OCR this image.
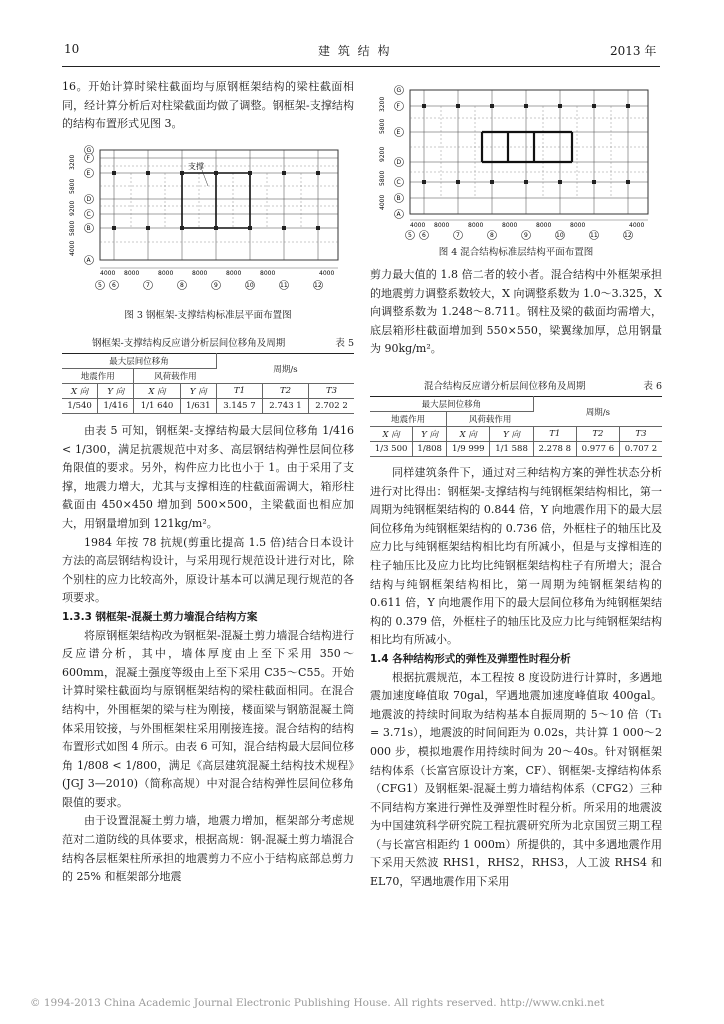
10	建 筑 结 构	2013 年

16。开始计算时梁柱截面均与原钢框架结构的梁柱截面相同，经计算分析后对柱梁截面均做了调整。钢框架-支撑结构的结构布置形式见图 3。

支撑
G
F
E
D
C
B
A
3200
5800
9200
5800
4000
4000 8000	8000	8000	8000	8000	4000
5 6	7	8	9	10	11	12
图 3 钢框架-支撑结构标准层平面布置图
钢框架-支撑结构反应谱分析层间位移角及周期	表 5
最大层间位移角				周期/s		
地震作用		风荷载作用				
X 向	Y 向	X 向	Y 向	T1	T2	T3
1/540	1/416	1/1 640	1/631	3.145 7	2.743 1	2.702 2

由表 5 可知，钢框架-支撑结构最大层间位移角 1/416 < 1/300，满足抗震规范中对多、高层钢结构弹性层间位移角限值的要求。另外，构件应力比也小于 1。由于采用了支撑，地震力增大，尤其与支撑相连的柱截面需调大，箱形柱截面由 450×450 增加到 500×500，主梁截面也相应加大，用钢量增加到 121kg/m²。

1984 年按 78 抗规(剪重比提高 1.5 倍)结合日本设计方法的高层钢结构设计，与采用现行规范设计进行对比，除个别柱的应力比较高外，原设计基本可以满足现行规范的各项要求。

1.3.3 钢框架-混凝土剪力墙混合结构方案

将原钢框架结构改为钢框架-混凝土剪力墙混合结构进行反应谱分析，其中，墙体厚度由上至下采用 350～600mm，混凝土强度等级由上至下采用 C35～C55。开始计算时梁柱截面均与原钢框架结构的梁柱截面相同。在混合结构中，外围框架的梁与柱为刚接，楼面梁与钢筋混凝土筒体采用铰接，与外围框架柱采用刚接连接。混合结构的结构布置形式如图 4 所示。由表 6 可知，混合结构最大层间位移角 1/808 < 1/800，满足《高层建筑混凝土结构技术规程》(JGJ 3—2010)（简称高规）中对混合结构弹性层间位移角限值的要求。

由于设置混凝土剪力墙，地震力增加，框架部分考虑规范对二道防线的具体要求，根据高规：钢-混凝土剪力墙混合结构各层框架柱所承担的地震剪力不应小于结构底部总剪力的 25% 和框架部分地震

G
F
E
D
C
B
A
3200
5800
9200
5800
4000
4000 8000	8000	8000	8000	8000	4000
5 6	7	8	9	10	11	12
图 4 混合结构标准层结构平面布置图

剪力最大值的 1.8 倍二者的较小者。混合结构中外框架承担的地震剪力调整系数较大，X 向调整系数为 1.0～3.325，X 向调整系数为 1.248～8.711。钢柱及梁的截面均需增大，底层箱形柱截面增加到 550×550，梁翼缘加厚，总用钢量为 90kg/m²。

混合结构反应谱分析层间位移角及周期	表 6
最大层间位移角				周期/s		
地震作用		风荷载作用				
X 向	Y 向	X 向	Y 向	T1	T2	T3
1/3 500	1/808	1/9 999	1/1 588	2.278 8	0.977 6	0.707 2

同样建筑条件下，通过对三种结构方案的弹性状态分析进行对比得出：钢框架-支撑结构与纯钢框架结构相比，第一周期为纯钢框架结构的 0.844 倍，Y 向地震作用下的最大层间位移角为纯钢框架结构的 0.736 倍，外框柱子的轴压比及应力比与纯钢框架结构相比均有所减小，但是与支撑相连的柱子轴压比及应力比均比纯钢框架结构柱子有所增大；混合结构与纯钢框架结构相比，第一周期为纯钢框架结构的 0.611 倍，Y 向地震作用下的最大层间位移角为纯钢框架结构的 0.379 倍，外框柱子的轴压比及应力比与纯钢框架结构相比均有所减小。

1.4 各种结构形式的弹性及弹塑性时程分析

根据抗震规范，本工程按 8 度设防进行计算时，多遇地震加速度峰值取 70gal，罕遇地震加速度峰值取 400gal。地震波的持续时间取为结构基本自振周期的 5～10 倍（T₁ = 3.71s），地震波的时间间距为 0.02s，共计算 1 000～2 000 步，模拟地震作用持续时间为 20～40s。针对钢框架结构体系（长富宫原设计方案，CF）、钢框架-支撑结构体系（CFG1）及钢框架-混凝土剪力墙结构体系（CFG2）三种不同结构方案进行弹性及弹塑性时程分析。所采用的地震波为中国建筑科学研究院工程抗震研究所为北京国贸三期工程（与长富宫相距约 1 000m）所提供的，其中多遇地震作用下采用天然波 RHS1，RHS2，RHS3，人工波 RHS4 和 EL70，罕遇地震作用下采用

© 1994-2013 China Academic Journal Electronic Publishing House. All rights reserved. http://www.cnki.net
